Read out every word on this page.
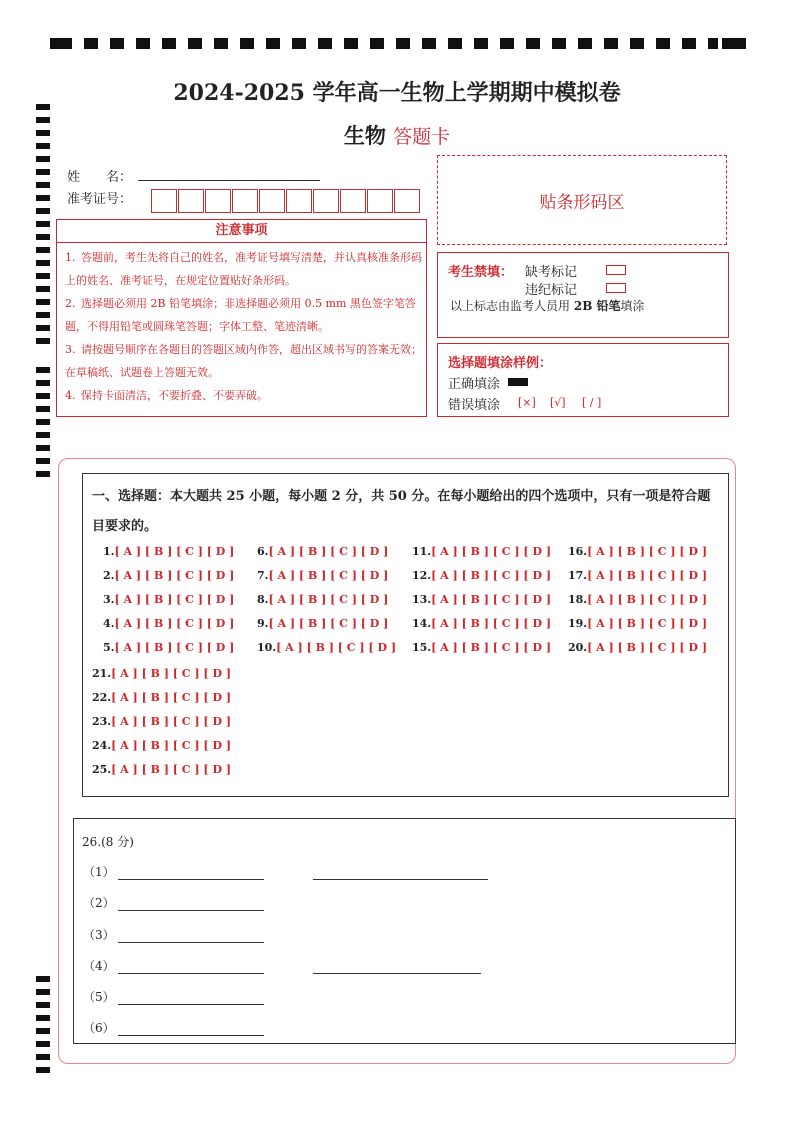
2024-2025 学年高一生物上学期期中模拟卷
生物 答题卡
姓　　名：
准考证号：	贴条形码区
注意事项
1. 答题前，考生先将自己的姓名，准考证号填写清楚，并认真核准条形码上的姓名、准考证号，在规定位置贴好条形码。
2. 选择题必须用 2B 铅笔填涂；非选择题必须用 0.5 mm 黑色签字笔答题，不得用铅笔或圆珠笔答题；字体工整、笔迹清晰。
3. 请按题号顺序在各题目的答题区域内作答，超出区域书写的答案无效；在草稿纸、试题卷上答题无效。
4. 保持卡面清洁，不要折叠、不要弄破。
考生禁填： 缺考标记
违纪标记
以上标志由监考人员用 2B 铅笔填涂
选择题填涂样例：
正确填涂
错误填涂 [×] [√] [ / ]
一、选择题：本大题共 25 小题，每小题 2 分，共 50 分。在每小题给出的四个选项中，只有一项是符合题目要求的。
1.[ A ] [ B ] [ C ] [ D ]
2.[ A ] [ B ] [ C ] [ D ]
3.[ A ] [ B ] [ C ] [ D ]
4.[ A ] [ B ] [ C ] [ D ]
5.[ A ] [ B ] [ C ] [ D ]
6.[ A ] [ B ] [ C ] [ D ]
7.[ A ] [ B ] [ C ] [ D ]
8.[ A ] [ B ] [ C ] [ D ]
9.[ A ] [ B ] [ C ] [ D ]
10.[ A ] [ B ] [ C ] [ D ]
11.[ A ] [ B ] [ C ] [ D ]
12.[ A ] [ B ] [ C ] [ D ]
13.[ A ] [ B ] [ C ] [ D ]
14.[ A ] [ B ] [ C ] [ D ]
15.[ A ] [ B ] [ C ] [ D ]
16.[ A ] [ B ] [ C ] [ D ]
17.[ A ] [ B ] [ C ] [ D ]
18.[ A ] [ B ] [ C ] [ D ]
19.[ A ] [ B ] [ C ] [ D ]
20.[ A ] [ B ] [ C ] [ D ]
21.[ A ] [ B ] [ C ] [ D ]
22.[ A ] [ B ] [ C ] [ D ]
23.[ A ] [ B ] [ C ] [ D ]
24.[ A ] [ B ] [ C ] [ D ]
25.[ A ] [ B ] [ C ] [ D ]
26.(8 分)
（1）
（2）
（3）
（4）
（5）
（6）
